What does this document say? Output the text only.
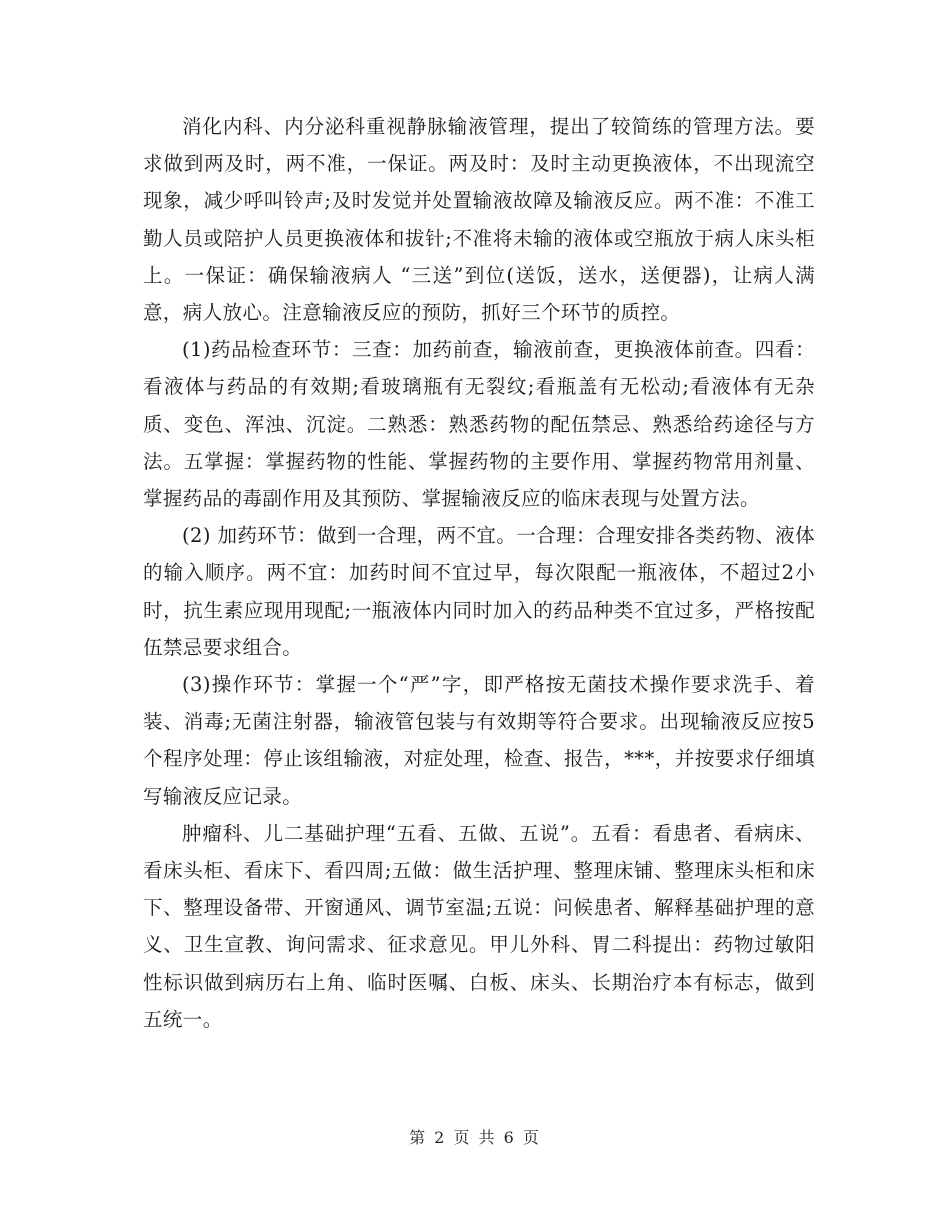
消化内科、内分泌科重视静脉输液管理，提出了较简练的管理方法。要求做到两及时，两不准，一保证。两及时：及时主动更换液体，不出现流空现象，减少呼叫铃声;及时发觉并处置输液故障及输液反应。两不准：不准工勤人员或陪护人员更换液体和拔针;不准将未输的液体或空瓶放于病人床头柜上。一保证：确保输液病人 “三送”到位(送饭，送水，送便器)，让病人满意，病人放心。注意输液反应的预防，抓好三个环节的质控。

(1)药品检查环节：三查：加药前查，输液前查，更换液体前查。四看：看液体与药品的有效期;看玻璃瓶有无裂纹;看瓶盖有无松动;看液体有无杂质、变色、浑浊、沉淀。二熟悉：熟悉药物的配伍禁忌、熟悉给药途径与方法。五掌握：掌握药物的性能、掌握药物的主要作用、掌握药物常用剂量、掌握药品的毒副作用及其预防、掌握输液反应的临床表现与处置方法。

(2) 加药环节：做到一合理，两不宜。一合理：合理安排各类药物、液体的输入顺序。两不宜：加药时间不宜过早，每次限配一瓶液体，不超过2小时，抗生素应现用现配;一瓶液体内同时加入的药品种类不宜过多，严格按配伍禁忌要求组合。

(3)操作环节：掌握一个“严”字，即严格按无菌技术操作要求洗手、着装、消毒;无菌注射器，输液管包装与有效期等符合要求。出现输液反应按5个程序处理：停止该组输液，对症处理，检查、报告，***，并按要求仔细填写输液反应记录。

肿瘤科、儿二基础护理“五看、五做、五说”。五看：看患者、看病床、看床头柜、看床下、看四周;五做：做生活护理、整理床铺、整理床头柜和床下、整理设备带、开窗通风、调节室温;五说：问候患者、解释基础护理的意义、卫生宣教、询问需求、征求意见。甲儿外科、胃二科提出：药物过敏阳性标识做到病历右上角、临时医嘱、白板、床头、长期治疗本有标志，做到五统一。

第 2 页 共 6 页
